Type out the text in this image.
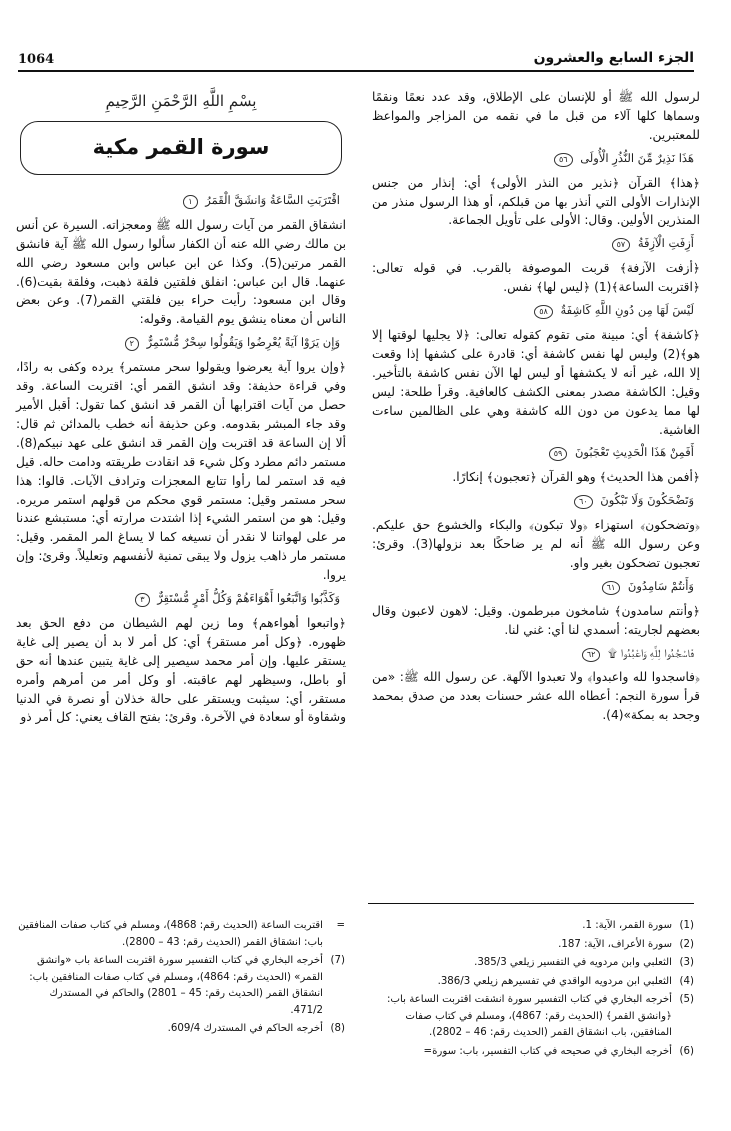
1064	الجزء السابع والعشرون

لرسول الله ﷺ أو للإنسان على الإطلاق، وقد عدد نعمًا ونقمًا وسماها كلها آلاء من قبل ما في نقمه من المزاجر والمواعظ للمعتبرين.

هَذَا نَذِيرٌ مِّنَ النُّذُرِ الْأُولَى ٥٦

﴿هذا﴾ القرآن ﴿نذير من النذر الأولى﴾ أي: إنذار من جنس الإنذارات الأولى التي أنذر بها من قبلكم، أو هذا الرسول منذر من المنذرين الأولين. وقال: الأولى على تأويل الجماعة.

أَزِفَتِ الْآزِفَةُ ٥٧

﴿أزفت الآزفة﴾ قربت الموصوفة بالقرب. في قوله تعالى: ﴿اقتربت الساعة﴾(1) ﴿ليس لها﴾ نفس.

لَيْسَ لَهَا مِن دُونِ اللَّهِ كَاشِفَةٌ ٥٨

﴿كاشفة﴾ أي: مبينة متى تقوم كقوله تعالى: ﴿لا يجليها لوقتها إلا هو﴾(2) وليس لها نفس كاشفة أي: قادرة على كشفها إذا وقعت إلا الله، غير أنه لا يكشفها أو ليس لها الآن نفس كاشفة بالتأخير. وقيل: الكاشفة مصدر بمعنى الكشف كالعافية. وقرأ طلحة: ليس لها مما يدعون من دون الله كاشفة وهي على الظالمين ساءت الغاشية.

أَفَمِنْ هَذَا الْحَدِيثِ تَعْجَبُونَ ٥٩

﴿أفمن هذا الحديث﴾ وهو القرآن ﴿تعجبون﴾ إنكارًا.

وَتَضْحَكُونَ وَلَا تَبْكُونَ ٦٠

﴿وتضحكون﴾ استهزاء ﴿ولا تبكون﴾ والبكاء والخشوع حق عليكم. وعن رسول الله ﷺ أنه لم ير ضاحكًا بعد نزولها(3). وقرئ: تعجبون تضحكون بغير واو.

وَأَنتُمْ سَامِدُونَ ٦١

﴿وأنتم سامدون﴾ شامخون مبرطمون. وقيل: لاهون لاعبون وقال بعضهم لجاريته: أسمدي لنا أي: غني لنا.

فَاسْجُدُوا لِلَّهِ وَاعْبُدُوا ۩ ٦٢

﴿فاسجدوا لله واعبدوا﴾ ولا تعبدوا الآلهة. عن رسول الله ﷺ: «من قرأ سورة النجم: أعطاه الله عشر حسنات بعدد من صدق بمحمد وجحد به بمكة»(4).

بِسْمِ اللَّهِ الرَّحْمَنِ الرَّحِيمِ
سورة القمر مكية

اقْتَرَبَتِ السَّاعَةُ وَانشَقَّ الْقَمَرُ ١

انشقاق القمر من آيات رسول الله ﷺ ومعجزاته. السيرة عن أنس بن مالك رضي الله عنه أن الكفار سألوا رسول الله ﷺ آية فانشق القمر مرتين(5). وكذا عن ابن عباس وابن مسعود رضي الله عنهما. قال ابن عباس: انفلق فلقتين فلقة ذهبت، وفلقة بقيت(6). وقال ابن مسعود: رأيت حراء بين فلقتي القمر(7). وعن بعض الناس أن معناه ينشق يوم القيامة. وقوله:

وَإِن يَرَوْا آيَةً يُعْرِضُوا وَيَقُولُوا سِحْرٌ مُّسْتَمِرٌّ ٢

﴿وإن يروا آية يعرضوا ويقولوا سحر مستمر﴾ يرده وكفى به رادًا، وفي قراءة حذيفة: وقد انشق القمر أي: اقتربت الساعة. وقد حصل من آيات اقترابها أن القمر قد انشق كما تقول: أقبل الأمير وقد جاء المبشر بقدومه. وعن حذيفة أنه خطب بالمدائن ثم قال: ألا إن الساعة قد اقتربت وإن القمر قد انشق على عهد نبيكم(8). مستمر دائم مطرد وكل شيء قد انقادت طريقته ودامت حاله. قيل فيه قد استمر لما رأوا تتابع المعجزات وترادف الآيات. قالوا: هذا سحر مستمر وقيل: مستمر قوي محكم من قولهم استمر مريره. وقيل: هو من استمر الشيء إذا اشتدت مرارته أي: مستبشع عندنا مر على لهواتنا لا نقدر أن نسيغه كما لا يساغ المر المقمر. وقيل: مستمر مار ذاهب يزول ولا يبقى تمنية لأنفسهم وتعليلاً. وقرئ: وإن يروا.

وَكَذَّبُوا وَاتَّبَعُوا أَهْوَاءَهُمْ وَكُلُّ أَمْرٍ مُّسْتَقِرٌّ ٣

﴿واتبعوا أهواءهم﴾ وما زين لهم الشيطان من دفع الحق بعد ظهوره. ﴿وكل أمر مستقر﴾ أي: كل أمر لا بد أن يصير إلى غاية يستقر عليها. وإن أمر محمد سيصير إلى غاية يتبين عندها أنه حق أو باطل، وسيظهر لهم عاقبته. أو وكل أمر من أمرهم وأمره مستقر، أي: سيثبت ويستقر على حالة خذلان أو نصرة في الدنيا وشقاوة أو سعادة في الآخرة. وقرئ: بفتح القاف يعني: كل أمر ذو

(1)
سورة القمر، الآية: 1.
(2)
سورة الأعراف، الآية: 187.
(3)
الثعلبي وابن مردويه في التفسير زيلعي 385/3.
(4)
الثعلبي ابن مردويه الواقدي في تفسيرهم زيلعي 386/3.
(5)
أخرجه البخاري في كتاب التفسير سورة انشقت اقتربت الساعة باب: ﴿وانشق القمر﴾ (الحديث رقم: 4867)، ومسلم في كتاب صفات المنافقين، باب انشقاق القمر (الحديث رقم: 46 – 2802).
(6)
أخرجه البخاري في صحيحه في كتاب التفسير، باب: سورة=
=
اقتربت الساعة (الحديث رقم: 4868)، ومسلم في كتاب صفات المنافقين باب: انشقاق القمر (الحديث رقم: 43 – 2800).
(7)
أخرجه البخاري في كتاب التفسير سورة اقتربت الساعة باب «وانشق القمر» (الحديث رقم: 4864)، ومسلم في كتاب صفات المنافقين باب: انشقاق القمر (الحديث رقم: 45 – 2801) والحاكم في المستدرك 471/2.
(8)
أخرجه الحاكم في المستدرك 609/4.
